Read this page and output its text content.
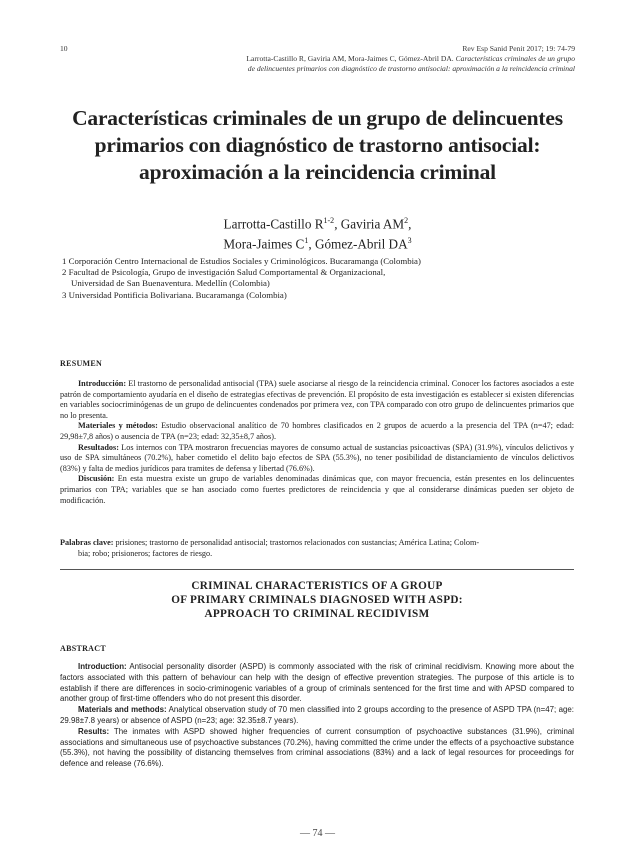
10	Rev Esp Sanid Penit 2017; 19: 74-79
Larrotta-Castillo R, Gaviria AM, Mora-Jaimes C, Gómez-Abril DA. Características criminales de un grupo
de delincuentes primarios con diagnóstico de trastorno antisocial: aproximación a la reincidencia criminal
Características criminales de un grupo de delincuentes
primarios con diagnóstico de trastorno antisocial:
aproximación a la reincidencia criminal
Larrotta-Castillo $R^{1-2}$, Gaviria $AM^2$,
Mora-Jaimes $C^1$, Gómez-Abril $DA^3$
1 Corporación Centro Internacional de Estudios Sociales y Criminológicos. Bucaramanga (Colombia)
2 Facultad de Psicología, Grupo de investigación Salud Comportamental & Organizacional,
Universidad de San Buenaventura. Medellín (Colombia)
3 Universidad Pontificia Bolivariana. Bucaramanga (Colombia)
RESUMEN

Introducción: El trastorno de personalidad antisocial (TPA) suele asociarse al riesgo de la reincidencia criminal. Conocer los factores asociados a este patrón de comportamiento ayudaría en el diseño de estrategias efectivas de prevención. El propósito de esta investigación es establecer si existen diferencias en variables sociocriminógenas de un grupo de delincuentes condenados por primera vez, con TPA comparado con otro grupo de delincuentes primarios que no lo presenta.

Materiales y métodos: Estudio observacional analítico de 70 hombres clasificados en 2 grupos de acuerdo a la presencia del TPA (n=47; edad: 29,98±7,8 años) o ausencia de TPA (n=23; edad: 32,35±8,7 años).

Resultados: Los internos con TPA mostraron frecuencias mayores de consumo actual de sustancias psicoactivas (SPA) (31.9%), vínculos delictivos y uso de SPA simultáneos (70.2%), haber cometido el delito bajo efectos de SPA (55.3%), no tener posibilidad de distanciamiento de vínculos delictivos (83%) y falta de medios jurídicos para tramites de defensa y libertad (76.6%).

Discusión: En esta muestra existe un grupo de variables denominadas dinámicas que, con mayor frecuencia, están presentes en los delincuentes primarios con TPA; variables que se han asociado como fuertes predictores de reincidencia y que al considerarse dinámicas pueden ser objeto de modificación.

Palabras clave: prisiones; trastorno de personalidad antisocial; trastornos relacionados con sustancias; América Latina; Colom-
bia; robo; prisioneros; factores de riesgo.
CRIMINAL CHARACTERISTICS OF A GROUP
OF PRIMARY CRIMINALS DIAGNOSED WITH ASPD:
APPROACH TO CRIMINAL RECIDIVISM
ABSTRACT

Introduction: Antisocial personality disorder (ASPD) is commonly associated with the risk of criminal recidivism. Knowing more about the factors associated with this pattern of behaviour can help with the design of effective prevention strategies. The purpose of this article is to establish if there are differences in socio-criminogenic variables of a group of criminals sentenced for the first time and with APSD compared to another group of first-time offenders who do not present this disorder.

Materials and methods: Analytical observation study of 70 men classified into 2 groups according to the presence of ASPD TPA (n=47; age: 29.98±7.8 years) or absence of ASPD (n=23; age: 32.35±8.7 years).

Results: The inmates with ASPD showed higher frequencies of current consumption of psychoactive substances (31.9%), criminal associations and simultaneous use of psychoactive substances (70.2%), having committed the crime under the effects of a psychoactive substance (55.3%), not having the possibility of distancing themselves from criminal associations (83%) and a lack of legal resources for proceedings for defence and release (76.6%).

— 74 —
